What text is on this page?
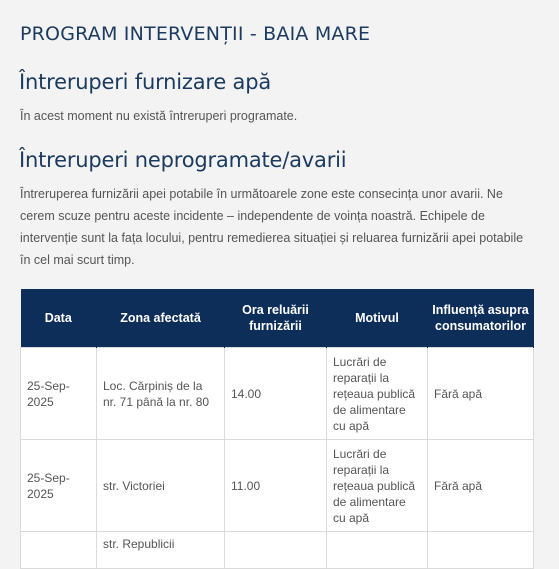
PROGRAM INTERVENȚII - BAIA MARE
Întreruperi furnizare apă

În acest moment nu există întreruperi programate.

Întreruperi neprogramate/avarii

Întreruperea furnizării apei potabile în următoarele zone este consecința unor avarii. Ne cerem scuze pentru aceste incidente – independente de voința noastră. Echipele de intervenție sunt la fața locului, pentru remedierea situației și reluarea furnizării apei potabile în cel mai scurt timp.

Data	Zona afectată	Ora reluării furnizării	Motivul	Influență asupra consumatorilor
25-Sep-2025	Loc. Cărpiniș de la nr. 71 până la nr. 80	14.00	Lucrări de reparații la rețeaua publică de alimentare cu apă	Fără apă
25-Sep-2025	str. Victoriei	11.00	Lucrări de reparații la rețeaua publică de alimentare cu apă	Fără apă
	str. Republicii			
